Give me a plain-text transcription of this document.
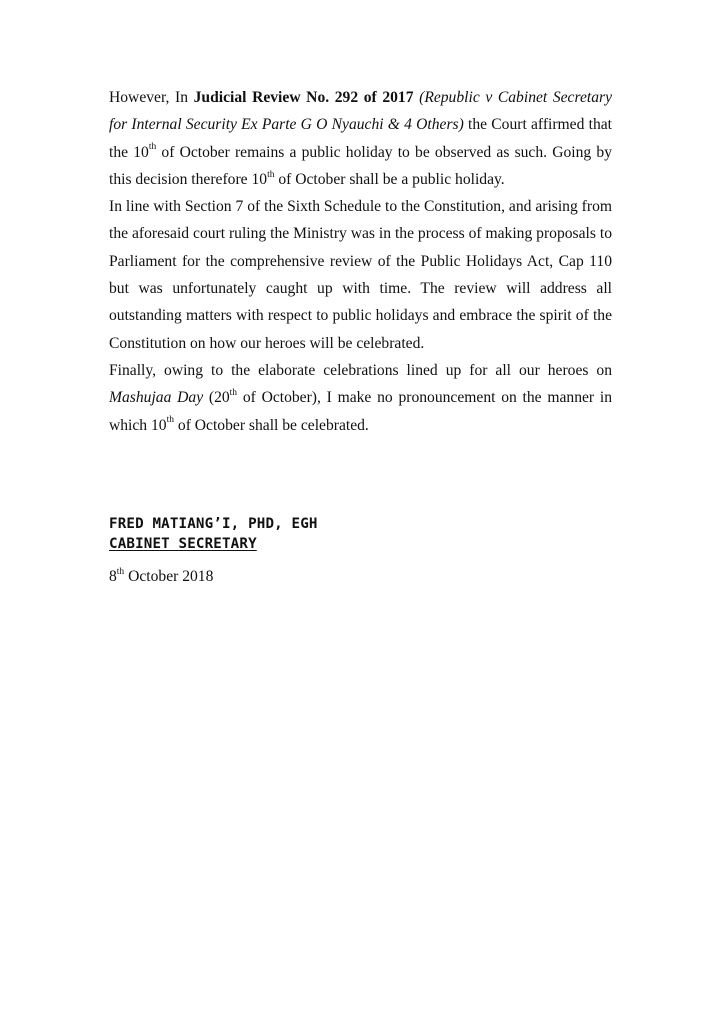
However, In Judicial Review No. 292 of 2017 (Republic v Cabinet Secretary for Internal Security Ex Parte G O Nyauchi & 4 Others) the Court affirmed that the 10th of October remains a public holiday to be observed as such. Going by this decision therefore 10th of October shall be a public holiday.

In line with Section 7 of the Sixth Schedule to the Constitution, and arising from the aforesaid court ruling the Ministry was in the process of making proposals to Parliament for the comprehensive review of the Public Holidays Act, Cap 110 but was unfortunately caught up with time. The review will address all outstanding matters with respect to public holidays and embrace the spirit of the Constitution on how our heroes will be celebrated.

Finally, owing to the elaborate celebrations lined up for all our heroes on Mashujaa Day (20th of October), I make no pronouncement on the manner in which 10th of October shall be celebrated.

FRED MATIANG’I, PHD, EGH
CABINET SECRETARY
8th October 2018
